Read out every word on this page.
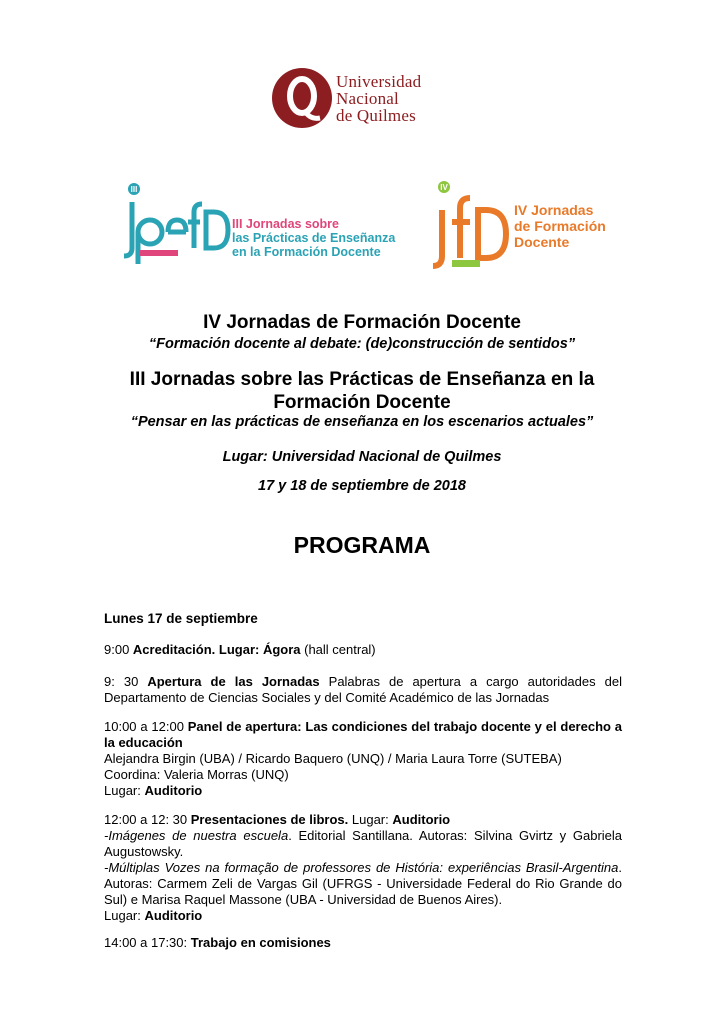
Universidad
Nacional
de Quilmes
III
III Jornadas sobre
las Prácticas de Enseñanza
en la Formación Docente
IV
IV Jornadas
de Formación
Docente
IV Jornadas de Formación Docente
“Formación docente al debate: (de)construcción de sentidos”
III Jornadas sobre las Prácticas de Enseñanza en la
Formación Docente
“Pensar en las prácticas de enseñanza en los escenarios actuales”
Lugar: Universidad Nacional de Quilmes
17 y 18 de septiembre de 2018
PROGRAMA
Lunes 17 de septiembre
9:00 Acreditación. Lugar: Ágora (hall central)
9: 30 Apertura de las Jornadas Palabras de apertura a cargo autoridades del Departamento de Ciencias Sociales y del Comité Académico de las Jornadas
10:00 a 12:00 Panel de apertura: Las condiciones del trabajo docente y el derecho a la educación
Alejandra Birgin (UBA) / Ricardo Baquero (UNQ) / Maria Laura Torre (SUTEBA)
Coordina: Valeria Morras (UNQ)
Lugar: Auditorio
12:00 a 12: 30 Presentaciones de libros. Lugar: Auditorio
-Imágenes de nuestra escuela. Editorial Santillana. Autoras: Silvina Gvirtz y Gabriela Augustowsky.
-Múltiplas Vozes na formação de professores de História: experiências Brasil-Argentina. Autoras: Carmem Zeli de Vargas Gil (UFRGS - Universidade Federal do Rio Grande do Sul) e Marisa Raquel Massone (UBA - Universidad de Buenos Aires).
Lugar: Auditorio
14:00 a 17:30: Trabajo en comisiones
